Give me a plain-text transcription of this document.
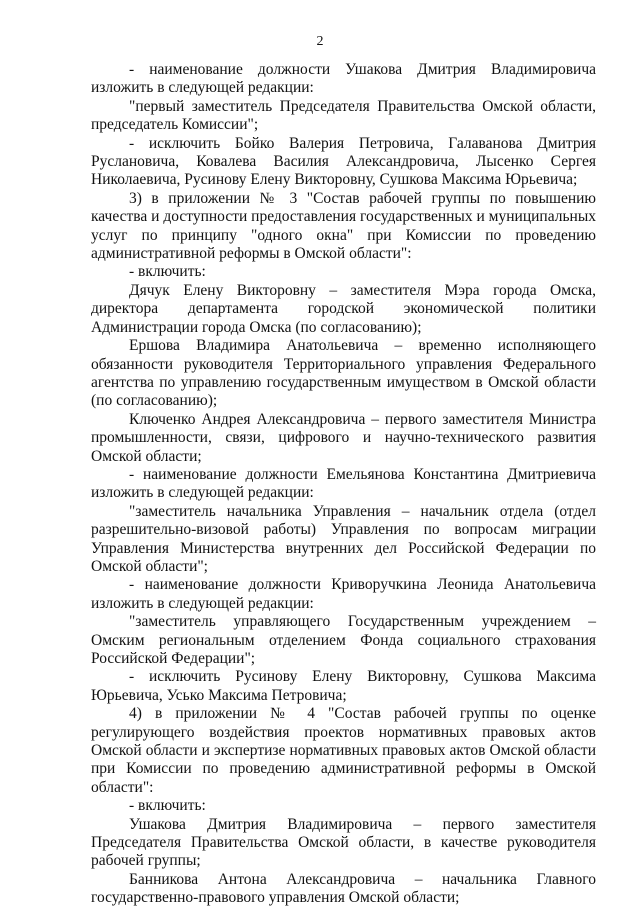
2

- наименование должности Ушакова Дмитрия Владимировича изложить в следующей редакции:

"первый заместитель Председателя Правительства Омской области, председатель Комиссии";

- исключить Бойко Валерия Петровича, Галаванова Дмитрия Руслановича, Ковалева Василия Александровича, Лысенко Сергея Николаевича, Русинову Елену Викторовну, Сушкова Максима Юрьевича;

3) в приложении № 3 "Состав рабочей группы по повышению качества и доступности предоставления государственных и муниципальных услуг по принципу "одного окна" при Комиссии по проведению административной реформы в Омской области":

- включить:

Дячук Елену Викторовну – заместителя Мэра города Омска, директора департамента городской экономической политики Администрации города Омска (по согласованию);

Ершова Владимира Анатольевича – временно исполняющего обязанности руководителя Территориального управления Федерального агентства по управлению государственным имуществом в Омской области (по согласованию);

Ключенко Андрея Александровича – первого заместителя Министра промышленности, связи, цифрового и научно-технического развития Омской области;

- наименование должности Емельянова Константина Дмитриевича изложить в следующей редакции:

"заместитель начальника Управления – начальник отдела (отдел разрешительно-визовой работы) Управления по вопросам миграции Управления Министерства внутренних дел Российской Федерации по Омской области";

- наименование должности Криворучкина Леонида Анатольевича изложить в следующей редакции:

"заместитель управляющего Государственным учреждением – Омским региональным отделением Фонда социального страхования Российской Федерации";

- исключить Русинову Елену Викторовну, Сушкова Максима Юрьевича, Усько Максима Петровича;

4) в приложении № 4 "Состав рабочей группы по оценке регулирующего воздействия проектов нормативных правовых актов Омской области и экспертизе нормативных правовых актов Омской области при Комиссии по проведению административной реформы в Омской области":

- включить:

Ушакова Дмитрия Владимировича – первого заместителя Председателя Правительства Омской области, в качестве руководителя рабочей группы;

Банникова Антона Александровича – начальника Главного государственно-правового управления Омской области;
